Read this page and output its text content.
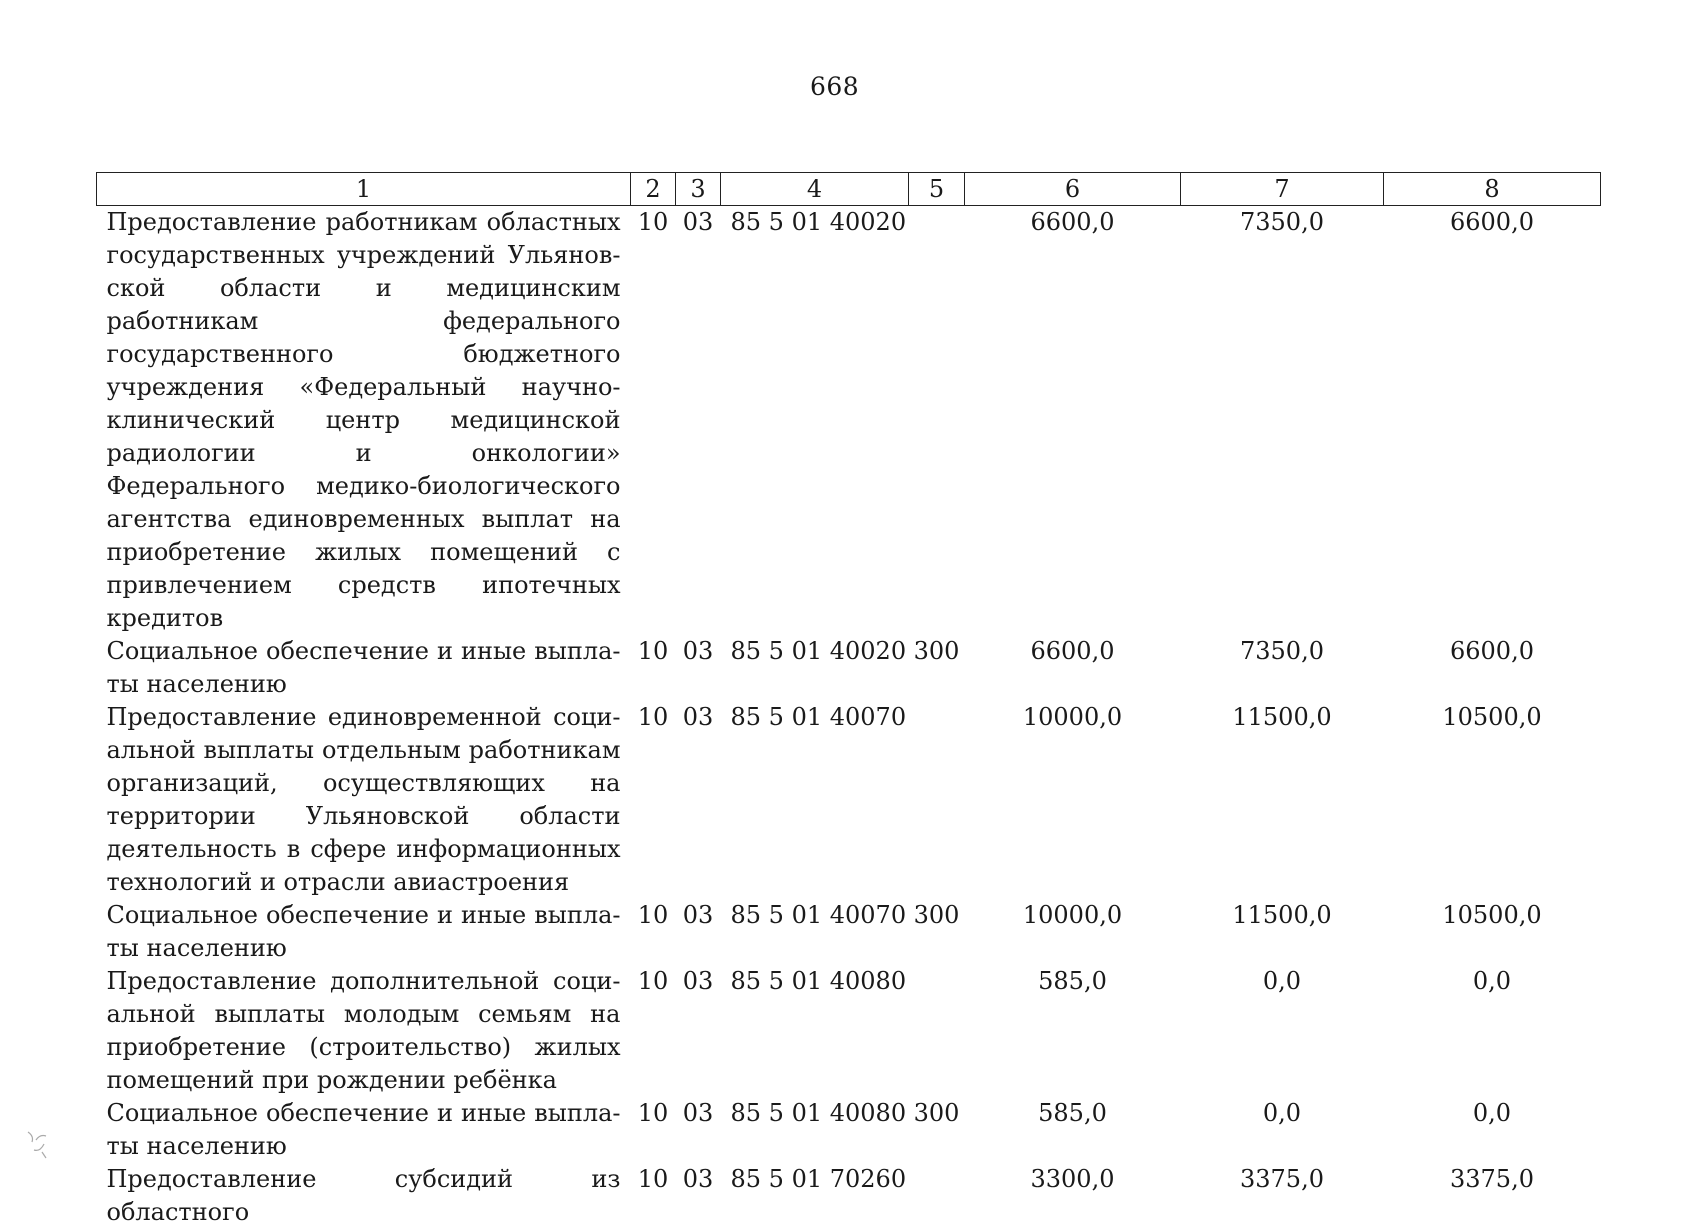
668
1	2	3	4	5	6	7	8
Предоставление работникам областных государственных учреждений Ульяновской области и медицинским работникам федерального государственного бюджетного учреждения «Федеральный научно-клинический центр медицинской радиологии и онкологии» Федерального медико-биологического агентства единовременных выплат на приобретение жилых помещений с привлечением средств ипотечных кредитов	10	03	85 5 01 40020		6600,0	7350,0	6600,0
Социальное обеспечение и иные выплаты населению	10	03	85 5 01 40020	300	6600,0	7350,0	6600,0
Предоставление единовременной социальной выплаты отдельным работникам организаций, осуществляющих на территории Ульяновской области деятельность в сфере информационных технологий и отрасли авиастроения	10	03	85 5 01 40070		10000,0	11500,0	10500,0
Социальное обеспечение и иные выплаты населению	10	03	85 5 01 40070	300	10000,0	11500,0	10500,0
Предоставление дополнительной социальной выплаты молодым семьям на приобретение (строительство) жилых помещений при рождении ребёнка	10	03	85 5 01 40080		585,0	0,0	0,0
Социальное обеспечение и иные выплаты населению	10	03	85 5 01 40080	300	585,0	0,0	0,0
Предоставление субсидий из областного	10	03	85 5 01 70260		3300,0	3375,0	3375,0
